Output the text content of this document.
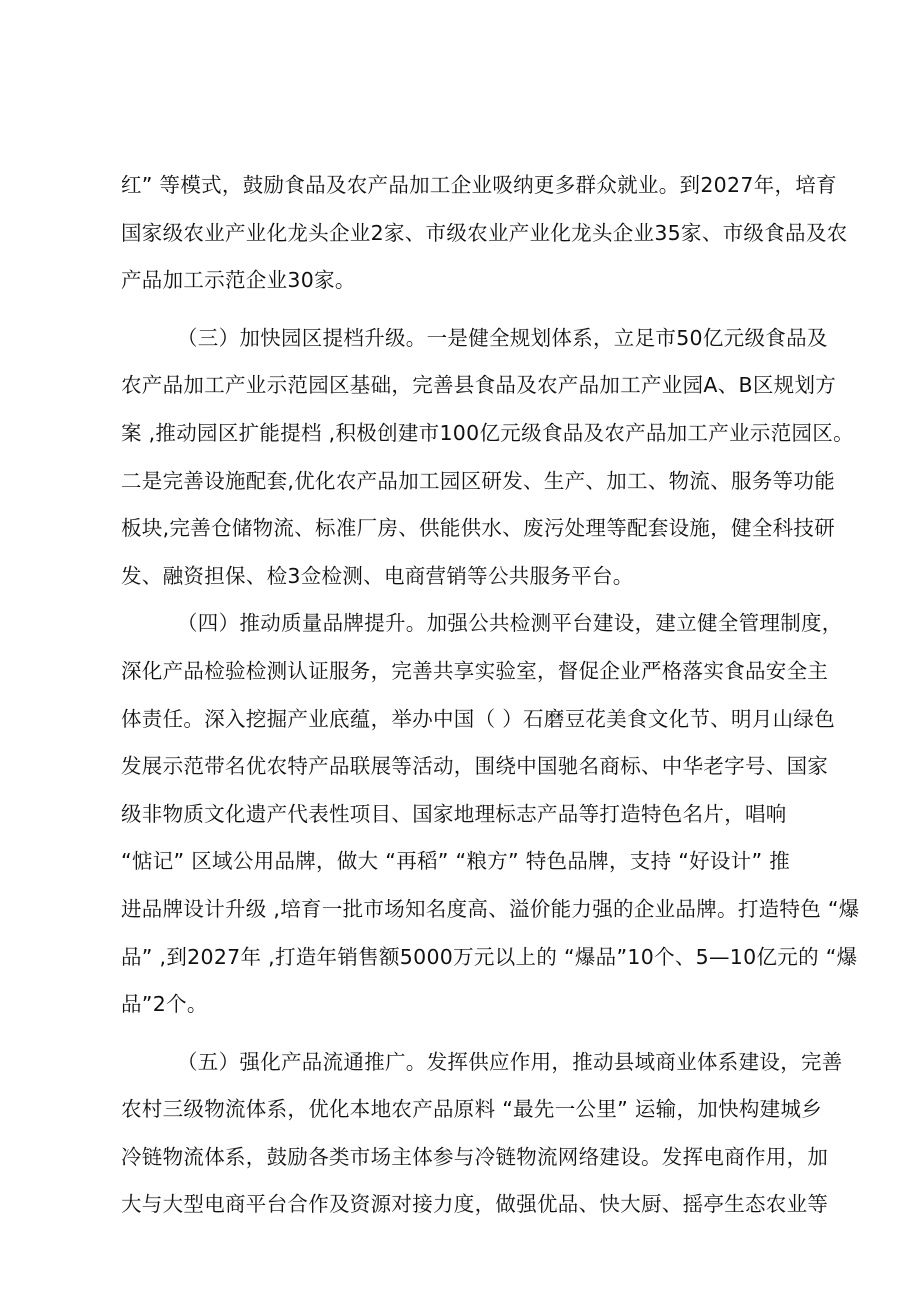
红” 等模式，鼓励食品及农产品加工企业吸纳更多群众就业。到2027年，培育
国家级农业产业化龙头企业2家、市级农业产业化龙头企业35家、市级食品及农
产品加工示范企业30家。
（三）加快园区提档升级。一是健全规划体系，立足市50亿元级食品及
农产品加工产业示范园区基础，完善县食品及农产品加工产业园A、B区规划方
案 ,推动园区扩能提档 ,积极创建市100亿元级食品及农产品加工产业示范园区。
二是完善设施配套,优化农产品加工园区研发、生产、加工、物流、服务等功能
板块,完善仓储物流、标准厂房、供能供水、废污处理等配套设施，健全科技研
发、融资担保、检3佥检测、电商营销等公共服务平台。
（四）推动质量品牌提升。加强公共检测平台建设，建立健全管理制度，
深化产品检验检测认证服务，完善共享实验室，督促企业严格落实食品安全主
体责任。深入挖掘产业底蕴，举办中国（ ）石磨豆花美食文化节、明月山绿色
发展示范带名优农特产品联展等活动，围绕中国驰名商标、中华老字号、国家
级非物质文化遗产代表性项目、国家地理标志产品等打造特色名片，唱响
“惦记” 区域公用品牌，做大 “再稻” “粮方” 特色品牌，支持 “好设计” 推
进品牌设计升级 ,培育一批市场知名度高、溢价能力强的企业品牌。打造特色 “爆
品” ,到2027年 ,打造年销售额5000万元以上的 “爆品”10个、5—10亿元的 “爆
品”2个。
（五）强化产品流通推广。发挥供应作用，推动县域商业体系建设，完善
农村三级物流体系，优化本地农产品原料 “最先一公里” 运输，加快构建城乡
冷链物流体系，鼓励各类市场主体参与冷链物流网络建设。发挥电商作用，加
大与大型电商平台合作及资源对接力度，做强优品、快大厨、摇亭生态农业等
